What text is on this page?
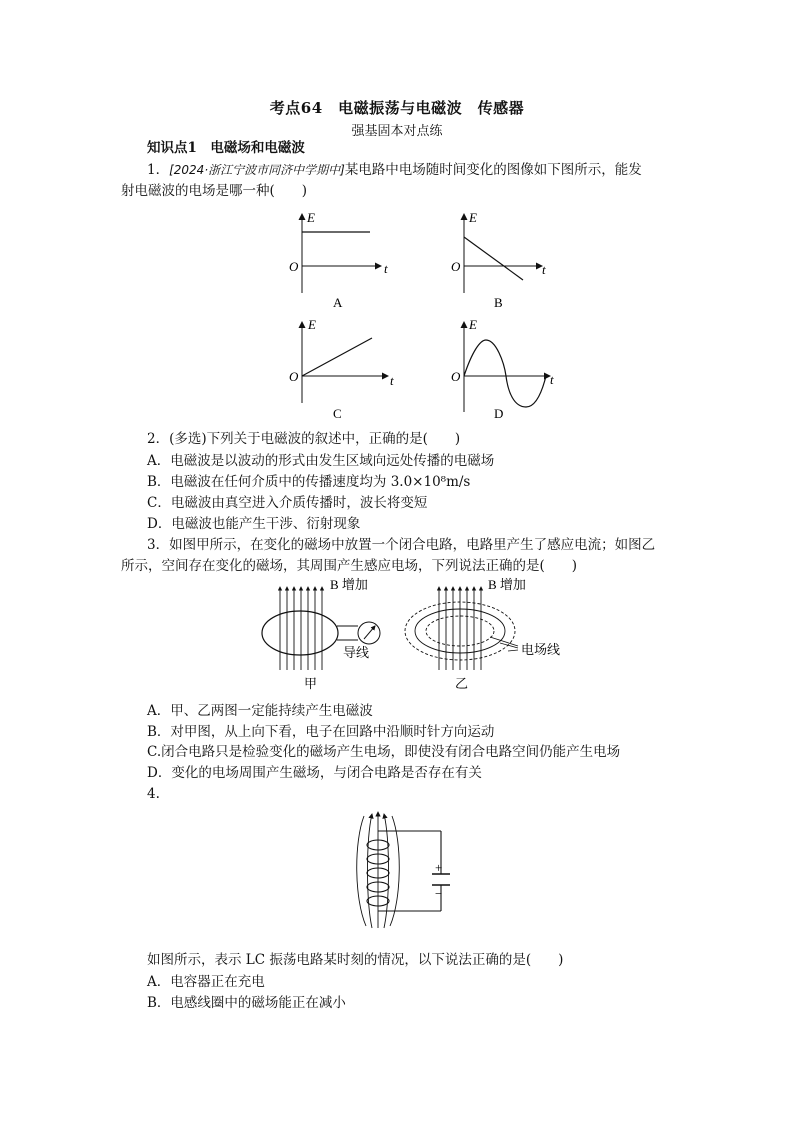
考点64　电磁振荡与电磁波　传感器
强基固本对点练
知识点1　电磁场和电磁波
1．[2024·浙江宁波市同济中学期中]某电路中电场随时间变化的图像如下图所示，能发
射电磁波的电场是哪一种(　　)
E
O	t
A
E
O	t
B
E
O	t
C
E
O	t
D
2．(多选)下列关于电磁波的叙述中，正确的是(　　)
A．电磁波是以波动的形式由发生区域向远处传播的电磁场
B．电磁波在任何介质中的传播速度均为 3.0×10⁸m/s
C．电磁波由真空进入介质传播时，波长将变短
D．电磁波也能产生干涉、衍射现象
3．如图甲所示，在变化的磁场中放置一个闭合电路，电路里产生了感应电流；如图乙
所示，空间存在变化的磁场，其周围产生感应电场，下列说法正确的是(　　)
B 增加
导线
甲
B 增加
电场线
乙
A．甲、乙两图一定能持续产生电磁波
B．对甲图，从上向下看，电子在回路中沿顺时针方向运动
C.闭合电路只是检验变化的磁场产生电场，即使没有闭合电路空间仍能产生电场
D．变化的电场周围产生磁场，与闭合电路是否存在有关
4.
+
−
如图所示，表示 LC 振荡电路某时刻的情况，以下说法正确的是(　　)
A．电容器正在充电
B．电感线圈中的磁场能正在减小
